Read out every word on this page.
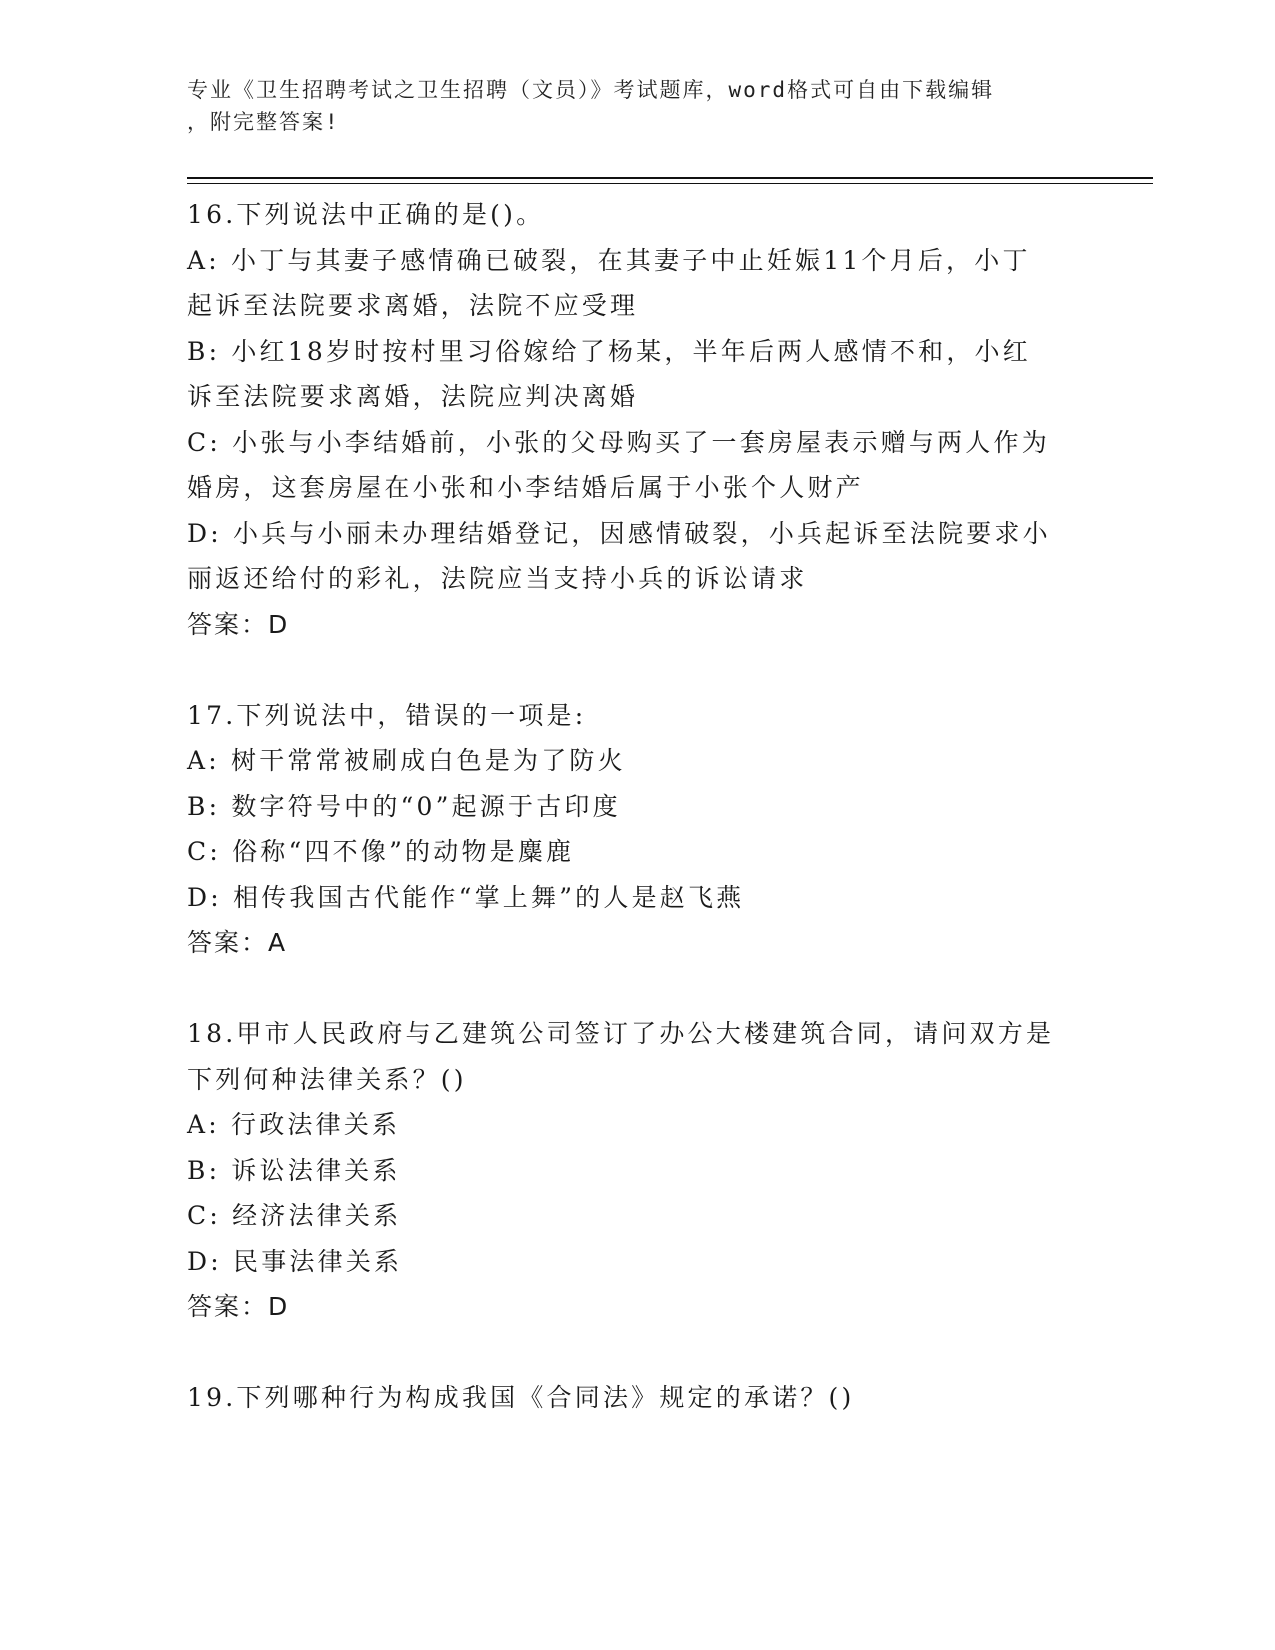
专业《卫生招聘考试之卫生招聘（文员）》考试题库，word格式可自由下载编辑
，附完整答案!
16.下列说法中正确的是()。
A: 小丁与其妻子感情确已破裂，在其妻子中止妊娠11个月后，小丁
起诉至法院要求离婚，法院不应受理
B: 小红18岁时按村里习俗嫁给了杨某，半年后两人感情不和，小红
诉至法院要求离婚，法院应判决离婚
C: 小张与小李结婚前，小张的父母购买了一套房屋表示赠与两人作为
婚房，这套房屋在小张和小李结婚后属于小张个人财产
D: 小兵与小丽未办理结婚登记，因感情破裂，小兵起诉至法院要求小
丽返还给付的彩礼，法院应当支持小兵的诉讼请求
答案：D
17.下列说法中，错误的一项是:
A: 树干常常被刷成白色是为了防火
B: 数字符号中的“0”起源于古印度
C: 俗称“四不像”的动物是麋鹿
D: 相传我国古代能作“掌上舞”的人是赵飞燕
答案：A
18.甲市人民政府与乙建筑公司签订了办公大楼建筑合同，请问双方是
下列何种法律关系？()
A: 行政法律关系
B: 诉讼法律关系
C: 经济法律关系
D: 民事法律关系
答案：D
19.下列哪种行为构成我国《合同法》规定的承诺？()
